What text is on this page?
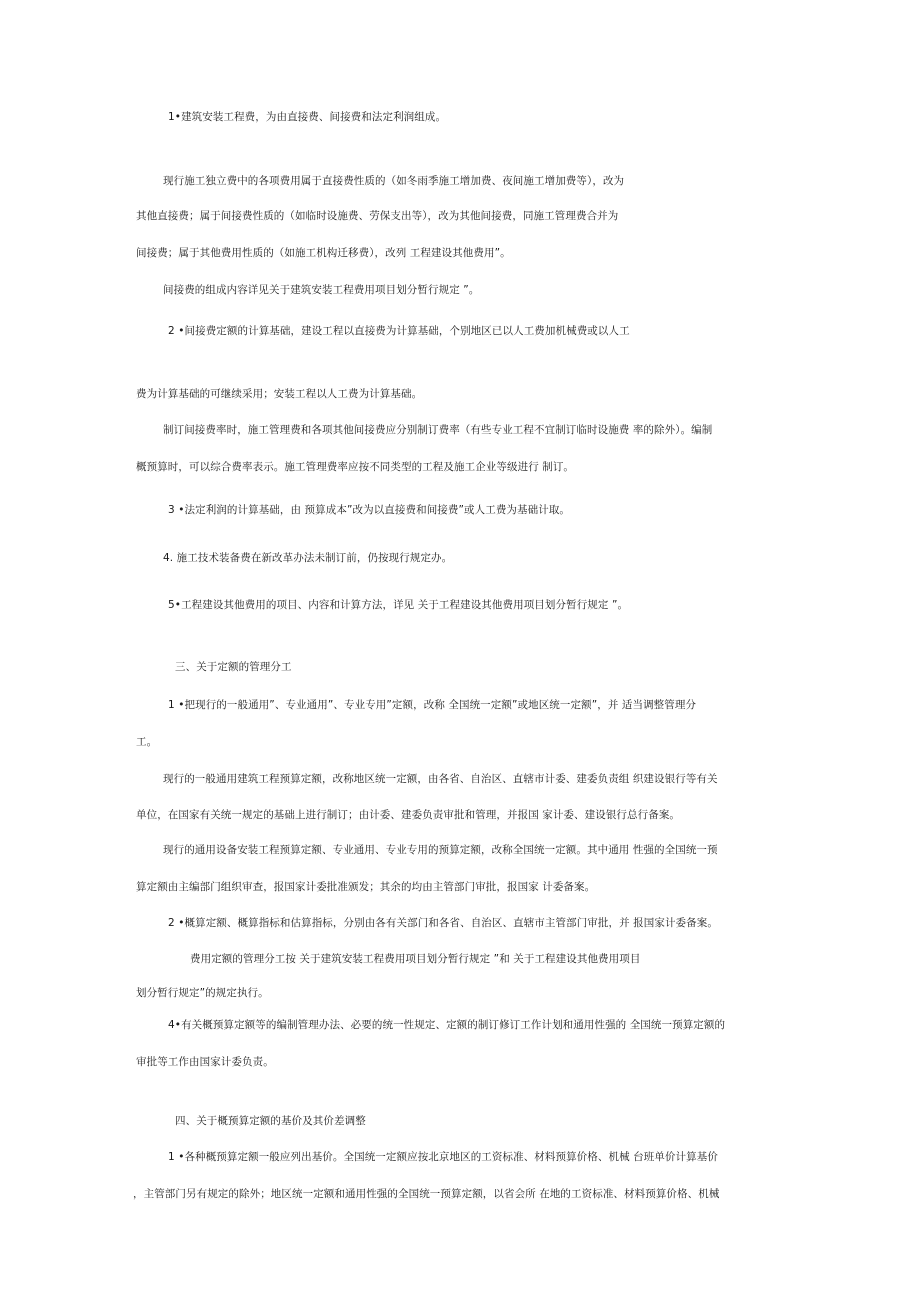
1•建筑安装工程费，为由直接费、间接费和法定利润组成。

现行施工独立费中的各项费用属于直接费性质的（如冬雨季施工增加费、夜间施工增加费等），改为

其他直接费；属于间接费性质的（如临时设施费、劳保支出等），改为其他间接费，同施工管理费合并为

间接费；属于其他费用性质的（如施工机构迁移费），改列 工程建设其他费用”。

间接费的组成内容详见关于建筑安装工程费用项目划分暂行规定 ”。

2 •间接费定额的计算基础，建设工程以直接费为计算基础，个别地区已以人工费加机械费或以人工

费为计算基础的可继续采用；安装工程以人工费为计算基础。

制订间接费率时，施工管理费和各项其他间接费应分别制订费率（有些专业工程不宜制订临时设施费 率的除外）。编制

概预算时，可以综合费率表示。施工管理费率应按不同类型的工程及施工企业等级进行 制订。

3 •法定利润的计算基础，由 预算成本”改为以直接费和间接费”或人工费为基础计取。

4. 施工技术装备费在新改革办法未制订前，仍按现行规定办。

5•工程建设其他费用的项目、内容和计算方法，详见 关于工程建设其他费用项目划分暂行规定 ”。

三、关于定额的管理分工

1 •把现行的一般通用”、专业通用”、专业专用”定额，改称 全国统一定额”或地区统一定额”，并 适当调整管理分

工。

现行的一般通用建筑工程预算定额，改称地区统一定额，由各省、自治区、直辖市计委、建委负责组 织建设银行等有关

单位，在国家有关统一规定的基础上进行制订；由计委、建委负责审批和管理，并报国 家计委、建设银行总行备案。

现行的通用设备安装工程预算定额、专业通用、专业专用的预算定额，改称全国统一定额。其中通用 性强的全国统一预

算定额由主编部门组织审查，报国家计委批准颁发；其余的均由主管部门审批，报国家 计委备案。

2 •概算定额、概算指标和估算指标，分别由各有关部门和各省、自治区、直辖市主管部门审批，并 报国家计委备案。

费用定额的管理分工按 关于建筑安装工程费用项目划分暂行规定 ”和 关于工程建设其他费用项目

划分暂行规定”的规定执行。

4•有关概预算定额等的编制管理办法、必要的统一性规定、定额的制订修订工作计划和通用性强的 全国统一预算定额的

审批等工作由国家计委负责。

四、关于概预算定额的基价及其价差调整

1 •各种概预算定额一般应列出基价。全国统一定额应按北京地区的工资标准、材料预算价格、机械 台班单价计算基价

，主管部门另有规定的除外；地区统一定额和通用性强的全国统一预算定额，以省会所 在地的工资标准、材料预算价格、机械
